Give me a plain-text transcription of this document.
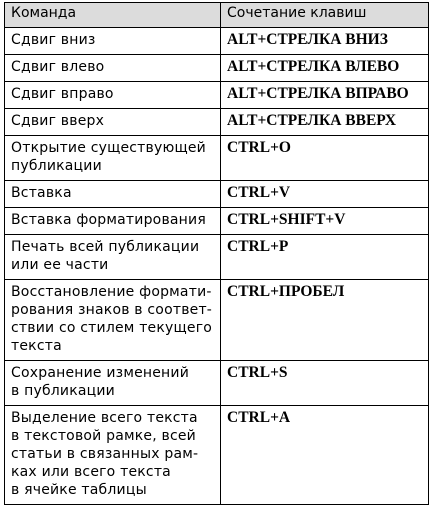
Команда	Сочетание клавиш

Сдвиг вниз	ALT+СТРЕЛКА ВНИЗ

Сдвиг влево	ALT+СТРЕЛКА ВЛЕВО

Сдвиг вправо	ALT+СТРЕЛКА ВПРАВО

Сдвиг вверх	ALT+СТРЕЛКА ВВЕРХ

Открытие существующей
публикации	CTRL+O

Вставка	CTRL+V

Вставка форматирования	CTRL+SHIFT+V

Печать всей публикации
или ее части	CTRL+P

Восстановление формати-
рования знаков в соответ-
ствии со стилем текущего
текста	CTRL+ПРОБЕЛ

Сохранение изменений
в публикации	CTRL+S

Выделение всего текста
в текстовой рамке, всей
статьи в связанных рам-
ках или всего текста
в ячейке таблицы	CTRL+A
